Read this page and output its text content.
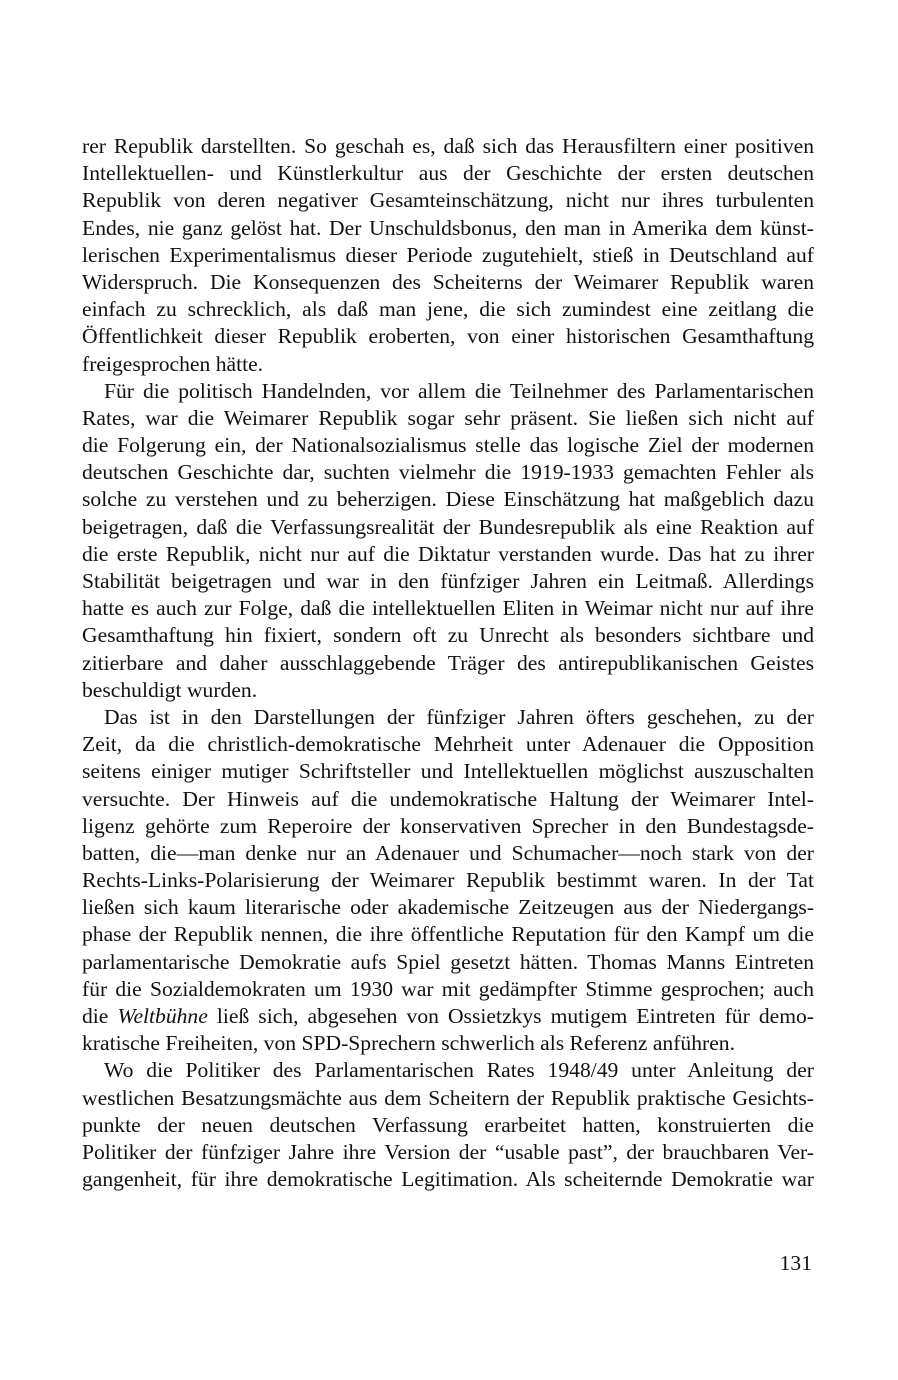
rer Republik darstellten. So geschah es, daß sich das Herausfiltern einer positiven
Intellektuellen- und Künstlerkultur aus der Geschichte der ersten deutschen
Republik von deren negativer Gesamteinschätzung, nicht nur ihres turbulenten
Endes, nie ganz gelöst hat. Der Unschuldsbonus, den man in Amerika dem künst-
lerischen Experimentalismus dieser Periode zugutehielt, stieß in Deutschland auf
Widerspruch. Die Konsequenzen des Scheiterns der Weimarer Republik waren
einfach zu schrecklich, als daß man jene, die sich zumindest eine zeitlang die
Öffentlichkeit dieser Republik eroberten, von einer historischen Gesamthaftung
freigesprochen hätte.
Für die politisch Handelnden, vor allem die Teilnehmer des Parlamentarischen
Rates, war die Weimarer Republik sogar sehr präsent. Sie ließen sich nicht auf
die Folgerung ein, der Nationalsozialismus stelle das logische Ziel der modernen
deutschen Geschichte dar, suchten vielmehr die 1919-1933 gemachten Fehler als
solche zu verstehen und zu beherzigen. Diese Einschätzung hat maßgeblich dazu
beigetragen, daß die Verfassungsrealität der Bundesrepublik als eine Reaktion auf
die erste Republik, nicht nur auf die Diktatur verstanden wurde. Das hat zu ihrer
Stabilität beigetragen und war in den fünfziger Jahren ein Leitmaß. Allerdings
hatte es auch zur Folge, daß die intellektuellen Eliten in Weimar nicht nur auf ihre
Gesamthaftung hin fixiert, sondern oft zu Unrecht als besonders sichtbare und
zitierbare and daher ausschlaggebende Träger des antirepublikanischen Geistes
beschuldigt wurden.
Das ist in den Darstellungen der fünfziger Jahren öfters geschehen, zu der
Zeit, da die christlich-demokratische Mehrheit unter Adenauer die Opposition
seitens einiger mutiger Schriftsteller und Intellektuellen möglichst auszuschalten
versuchte. Der Hinweis auf die undemokratische Haltung der Weimarer Intel-
ligenz gehörte zum Reperoire der konservativen Sprecher in den Bundestagsde-
batten, die—man denke nur an Adenauer und Schumacher—noch stark von der
Rechts-Links-Polarisierung der Weimarer Republik bestimmt waren. In der Tat
ließen sich kaum literarische oder akademische Zeitzeugen aus der Niedergangs-
phase der Republik nennen, die ihre öffentliche Reputation für den Kampf um die
parlamentarische Demokratie aufs Spiel gesetzt hätten. Thomas Manns Eintreten
für die Sozialdemokraten um 1930 war mit gedämpfter Stimme gesprochen; auch
die Weltbühne ließ sich, abgesehen von Ossietzkys mutigem Eintreten für demo-
kratische Freiheiten, von SPD-Sprechern schwerlich als Referenz anführen.
Wo die Politiker des Parlamentarischen Rates 1948/49 unter Anleitung der
westlichen Besatzungsmächte aus dem Scheitern der Republik praktische Gesichts-
punkte der neuen deutschen Verfassung erarbeitet hatten, konstruierten die
Politiker der fünfziger Jahre ihre Version der “usable past”, der brauchbaren Ver-
gangenheit, für ihre demokratische Legitimation. Als scheiternde Demokratie war
131
